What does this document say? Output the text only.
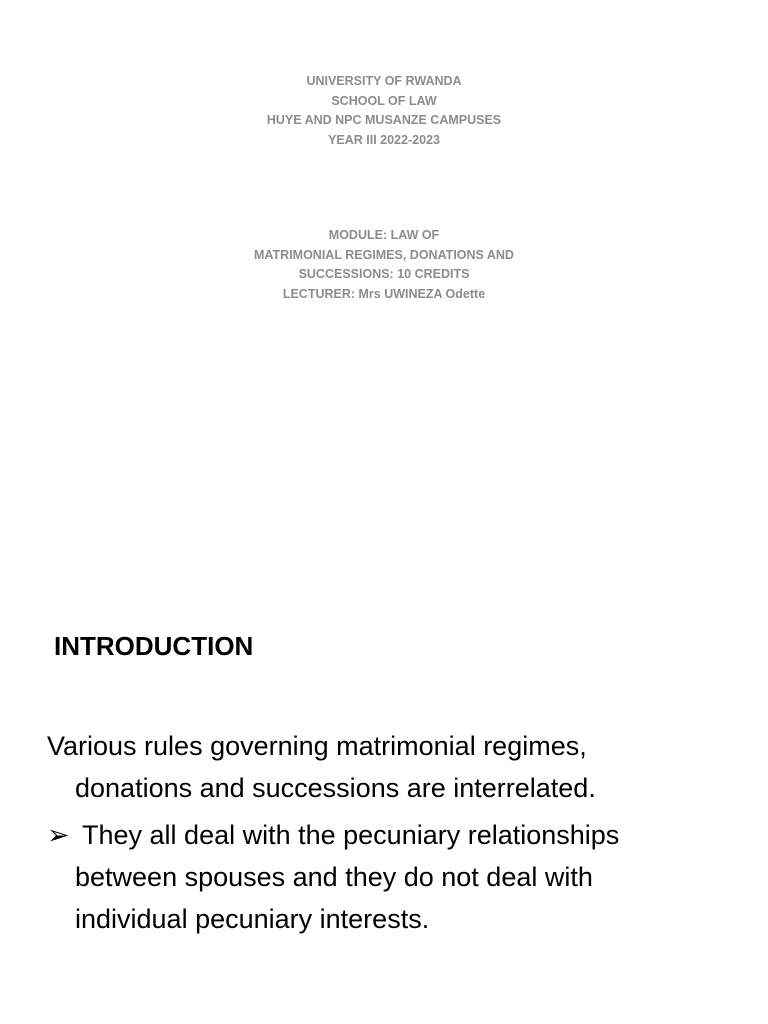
UNIVERSITY OF RWANDA
SCHOOL OF LAW
HUYE AND NPC MUSANZE CAMPUSES
YEAR III 2022-2023
MODULE: LAW OF
MATRIMONIAL REGIMES, DONATIONS AND
SUCCESSIONS: 10 CREDITS
LECTURER: Mrs UWINEZA Odette
INTRODUCTION
Various rules governing matrimonial regimes,
donations and successions are interrelated.
➢ They all deal with the pecuniary relationships
between spouses and they do not deal with
individual pecuniary interests.
